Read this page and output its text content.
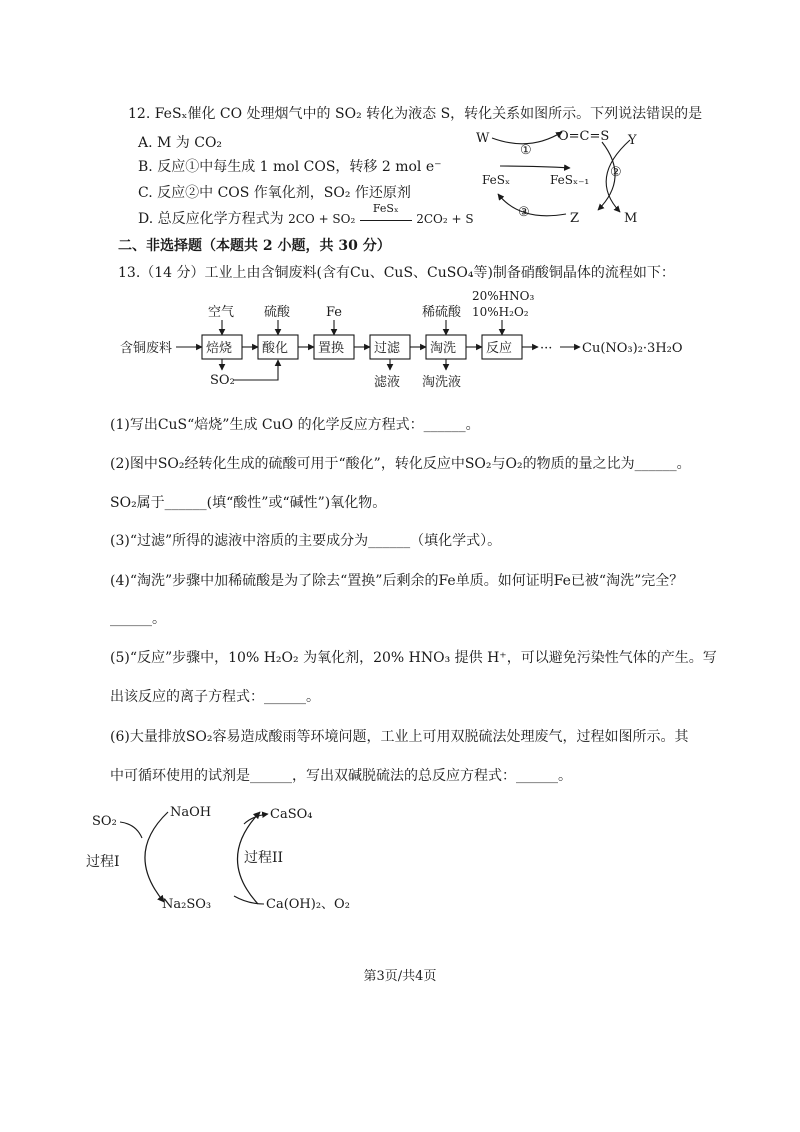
12. FeSₓ催化 CO 处理烟气中的 SO₂ 转化为液态 S，转化关系如图所示。下列说法错误的是
A. M 为 CO₂
B. 反应①中每生成 1 mol COS，转移 2 mol e⁻
C. 反应②中 COS 作氧化剂，SO₂ 作还原剂
D. 总反应化学方程式为 2CO + SO₂
FeSₓ
2CO₂ + S
W	O=C=S Y
FeSₓ	FeSₓ₋₁
Z	M
①
②
③
二、非选择题（本题共 2 小题，共 30 分）
13.（14 分）工业上由含铜废料(含有Cu、CuS、CuSO₄等)制备硝酸铜晶体的流程如下：
含铜废料	焙烧 酸化 置换 过滤 淘洗 反应 ··· Cu(NO₃)₂·3H₂O
空气 硫酸	Fe	稀硫酸
20%HNO₃
10%H₂O₂
SO₂	滤液 淘洗液
(1)写出CuS“焙烧”生成 CuO 的化学反应方程式：______。
(2)图中SO₂经转化生成的硫酸可用于“酸化”，转化反应中SO₂与O₂的物质的量之比为______。
SO₂属于______(填“酸性”或“碱性”)氧化物。
(3)“过滤”所得的滤液中溶质的主要成分为______（填化学式）。
(4)“淘洗”步骤中加稀硫酸是为了除去“置换”后剩余的Fe单质。如何证明Fe已被“淘洗”完全？
______。
(5)“反应”步骤中，10% H₂O₂ 为氧化剂，20% HNO₃ 提供 H⁺，可以避免污染性气体的产生。写
出该反应的离子方程式：______。
(6)大量排放SO₂容易造成酸雨等环境问题，工业上可用双脱硫法处理废气，过程如图所示。其
中可循环使用的试剂是______，写出双碱脱硫法的总反应方程式：______。
SO₂
NaOH	CaSO₄
过程I	过程II
Na₂SO₃	Ca(OH)₂、O₂
第3页/共4页
